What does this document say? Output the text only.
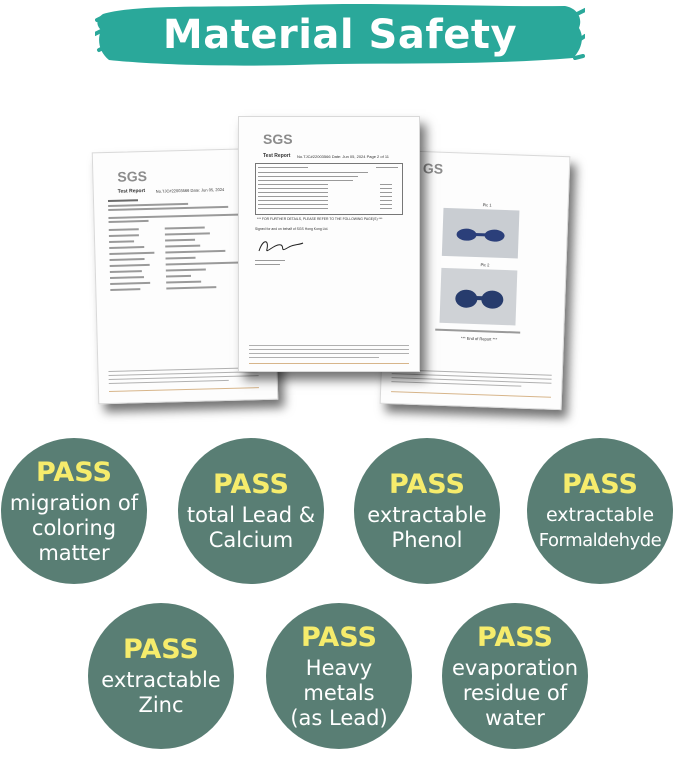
Material Safety
SGS
Test Report	No.TJC#22003566 Date: Jun 05, 2024
GS
Pic 1
Pic 2
*** End of Report ***
SGS
Test Report No.TJC#22003566 Date: Jun 05, 2024 Page 2 of 11
*** FOR FURTHER DETAILS, PLEASE REFER TO THE FOLLOWING PAGE(S) ***
Signed for and on behalf of SGS Hong Kong Ltd.
PASS
migration of
coloring
matter
PASS
total Lead &
Calcium
PASS
extractable
Phenol
PASS
extractable
Formaldehyde
PASS
extractable
Zinc
PASS
Heavy metals
(as Lead)
PASS
evaporation
residue of
water
